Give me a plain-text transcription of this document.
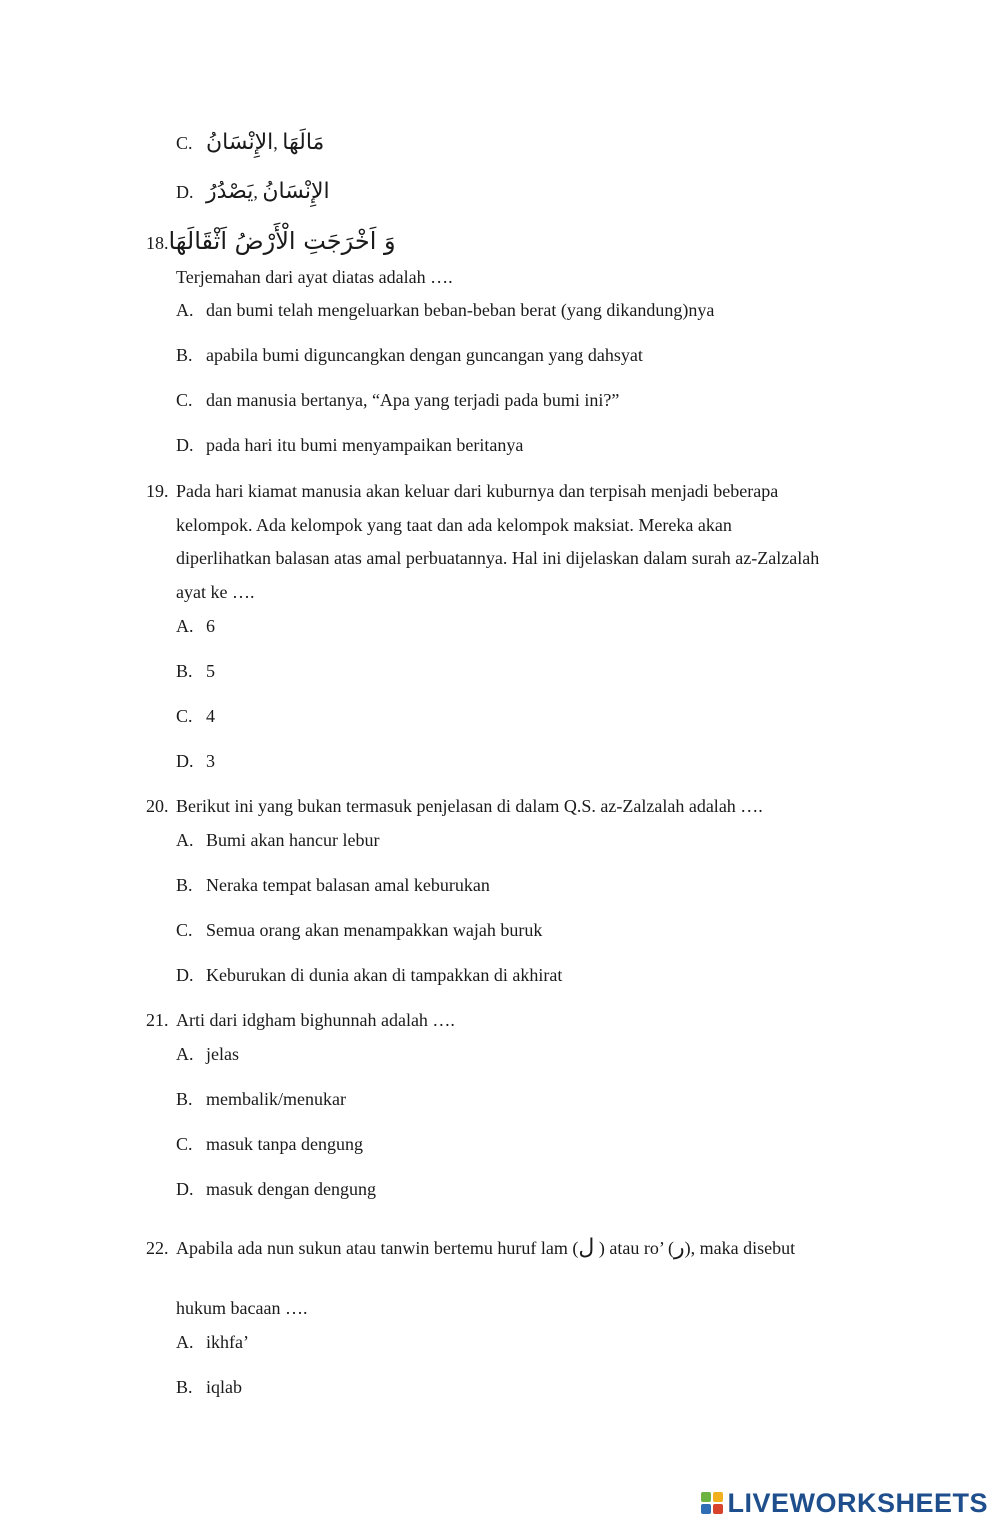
C. الإِنْسَانُ, مَالَهَا
D. يَصْدُرُ, الإِنْسَانُ
18.وَ اَخْرَجَتِ الْأَرْضُ اَثْقَالَهَا
Terjemahan dari ayat diatas adalah ….
A. dan bumi telah mengeluarkan beban-beban berat (yang dikandung)nya
B. apabila bumi diguncangkan dengan guncangan yang dahsyat
C. dan manusia bertanya, “Apa yang terjadi pada bumi ini?”
D. pada hari itu bumi menyampaikan beritanya
19. Pada hari kiamat manusia akan keluar dari kuburnya dan terpisah menjadi beberapa
kelompok. Ada kelompok yang taat dan ada kelompok maksiat. Mereka akan
diperlihatkan balasan atas amal perbuatannya. Hal ini dijelaskan dalam surah az-Zalzalah
ayat ke ….
A. 6
B. 5
C. 4
D. 3
20. Berikut ini yang bukan termasuk penjelasan di dalam Q.S. az-Zalzalah adalah ….
A. Bumi akan hancur lebur
B. Neraka tempat balasan amal keburukan
C. Semua orang akan menampakkan wajah buruk
D. Keburukan di dunia akan di tampakkan di akhirat
21. Arti dari idgham bighunnah adalah ….
A. jelas
B. membalik/menukar
C. masuk tanpa dengung
D. masuk dengan dengung
22. Apabila ada nun sukun atau tanwin bertemu huruf lam (ل ) atau ro’ (ر), maka disebut
hukum bacaan ….
A. ikhfa’
B. iqlab
LIVEWORKSHEETS
